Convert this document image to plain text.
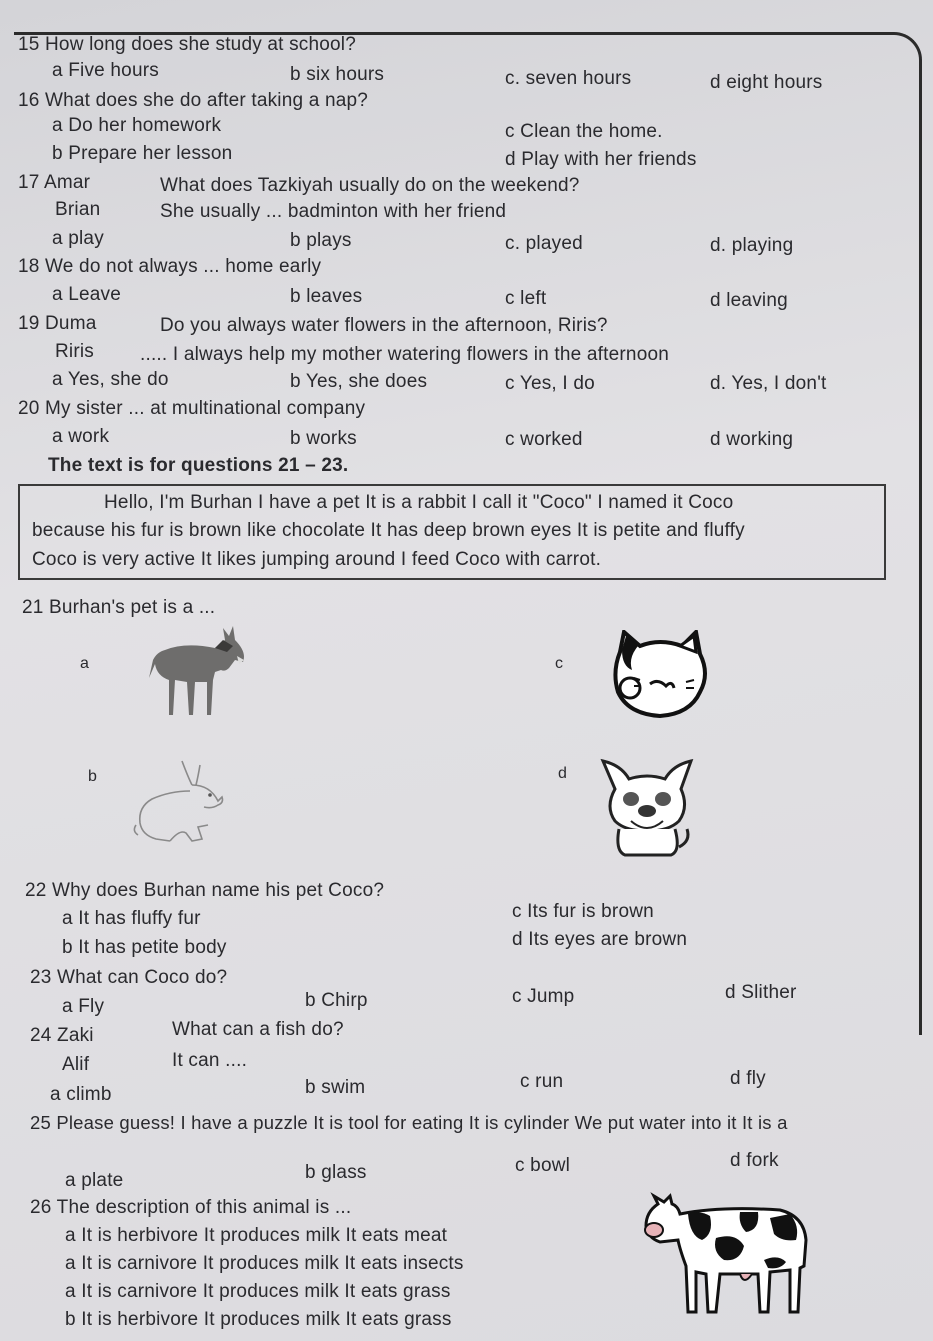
15 How long does she study at school?
a Five hours	b six hours	c. seven hours	d eight hours
16 What does she do after taking a nap?
a Do her homework
b Prepare her lesson
c Clean the home.
d Play with her friends
17 Amar	What does Tazkiyah usually do on the weekend?
Brian	She usually ... badminton with her friend
a play	b plays	c. played	d. playing
18 We do not always ... home early
a Leave	b leaves	c left	d leaving
19 Duma	Do you always water flowers in the afternoon, Riris?
Riris ..... I always help my mother watering flowers in the afternoon
a Yes, she do	b Yes, she does	c Yes, I do	d. Yes, I don't
20 My sister ... at multinational company
a work	b works	c worked	d working
The text is for questions 21 – 23.
Hello, I'm Burhan I have a pet It is a rabbit I call it "Coco" I named it Coco
because his fur is brown like chocolate It has deep brown eyes It is petite and fluffy
Coco is very active It likes jumping around I feed Coco with carrot.
21 Burhan's pet is a ...
a	c
b	d
22 Why does Burhan name his pet Coco?
a It has fluffy fur
b It has petite body
c Its fur is brown
d Its eyes are brown
23 What can Coco do?
a Fly	b Chirp	c Jump	d Slither
24 Zaki	What can a fish do?
Alif	It can ....
a climb	b swim	c run	d fly
25 Please guess! I have a puzzle It is tool for eating It is cylinder We put water into it It is a
a plate	b glass	c bowl	d fork
26 The description of this animal is ...
a It is herbivore It produces milk It eats meat
a It is carnivore It produces milk It eats insects
a It is carnivore It produces milk It eats grass
b It is herbivore It produces milk It eats grass
